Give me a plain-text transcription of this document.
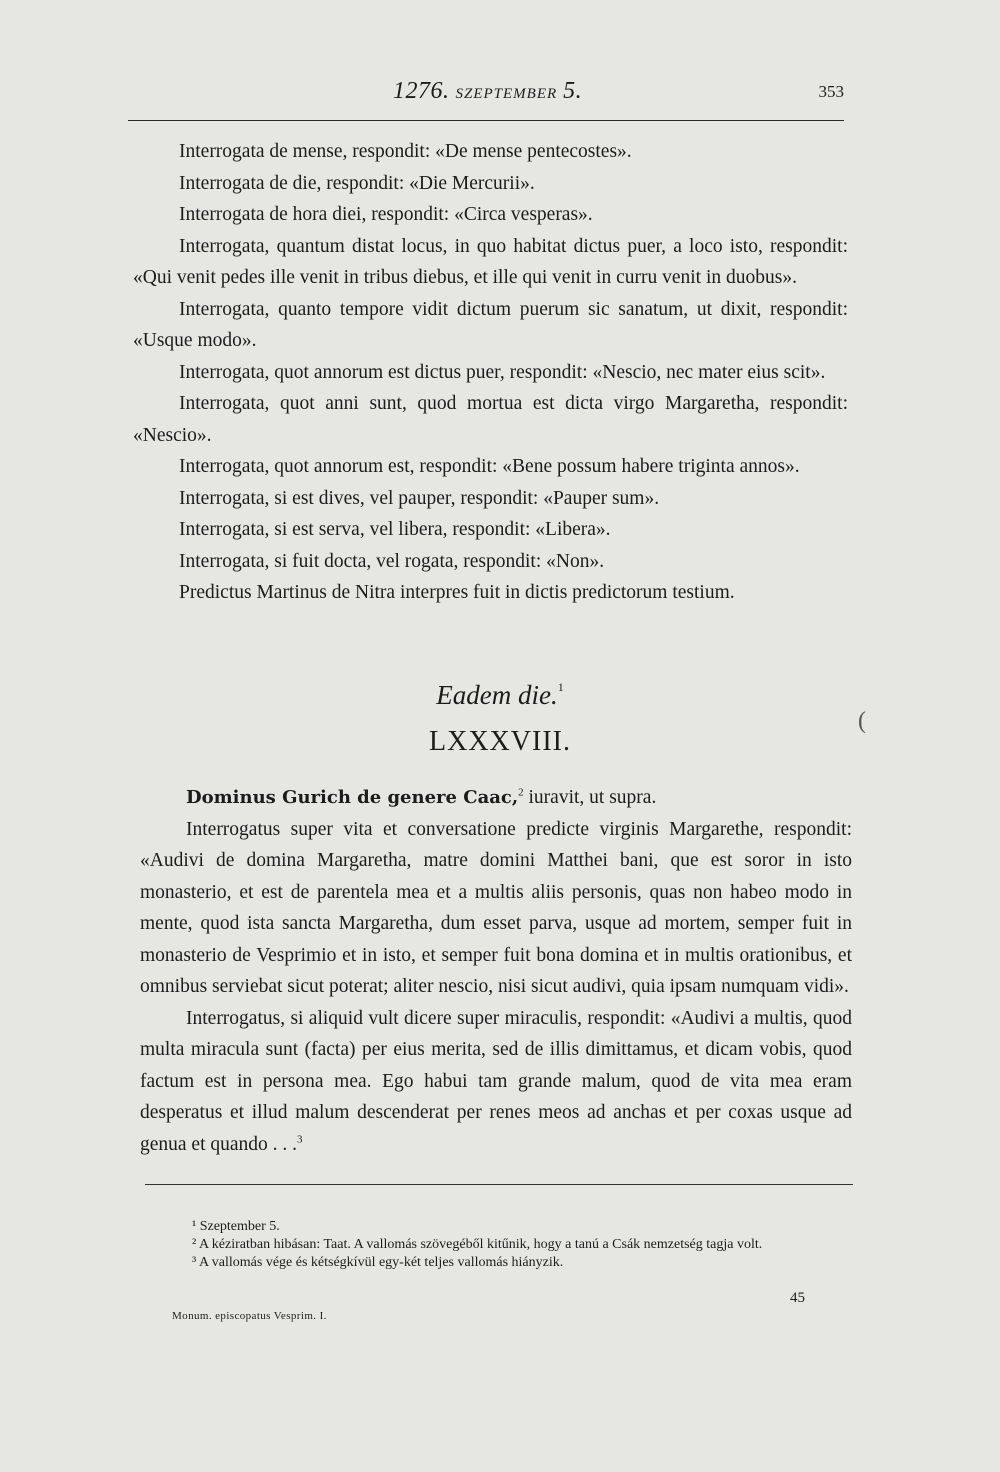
1276. SZEPTEMBER 5.	353

Interrogata de mense, respondit: «De mense pentecostes».

Interrogata de die, respondit: «Die Mercurii».

Interrogata de hora diei, respondit: «Circa vesperas».

Interrogata, quantum distat locus, in quo habitat dictus puer, a loco isto, respondit: «Qui venit pedes ille venit in tribus diebus, et ille qui venit in curru venit in duobus».

Interrogata, quanto tempore vidit dictum puerum sic sanatum, ut dixit, respondit: «Usque modo».

Interrogata, quot annorum est dictus puer, respondit: «Nescio, nec mater eius scit».

Interrogata, quot anni sunt, quod mortua est dicta virgo Margaretha, respondit: «Nescio».

Interrogata, quot annorum est, respondit: «Bene possum habere triginta annos».

Interrogata, si est dives, vel pauper, respondit: «Pauper sum».

Interrogata, si est serva, vel libera, respondit: «Libera».

Interrogata, si fuit docta, vel rogata, respondit: «Non».

Predictus Martinus de Nitra interpres fuit in dictis predictorum testium.

Eadem die.$^1$
LXXXVIII.

Dominus Gurich de genere Caac,$^2$ iuravit, ut supra.

Interrogatus super vita et conversatione predicte virginis Margarethe, respondit: «Audivi de domina Margaretha, matre domini Matthei bani, que est soror in isto monasterio, et est de parentela mea et a multis aliis personis, quas non habeo modo in mente, quod ista sancta Margaretha, dum esset parva, usque ad mortem, semper fuit in monasterio de Vesprimio et in isto, et semper fuit bona domina et in multis orationibus, et omnibus serviebat sicut poterat; aliter nescio, nisi sicut audivi, quia ipsam numquam vidi».

Interrogatus, si aliquid vult dicere super miraculis, respondit: «Audivi a multis, quod multa miracula sunt (facta) per eius merita, sed de illis dimittamus, et dicam vobis, quod factum est in persona mea. Ego habui tam grande malum, quod de vita mea eram desperatus et illud malum descenderat per renes meos ad anchas et per coxas usque ad genua et quando . . .$^3$

¹ Szeptember 5.

² A kéziratban hibásan: Taat. A vallomás szövegéből kitűnik, hogy a tanú a Csák nemzetség tagja volt.

³ A vallomás vége és kétségkívül egy-két teljes vallomás hiányzik.

45
Monum. episcopatus Vesprim. I.
(
